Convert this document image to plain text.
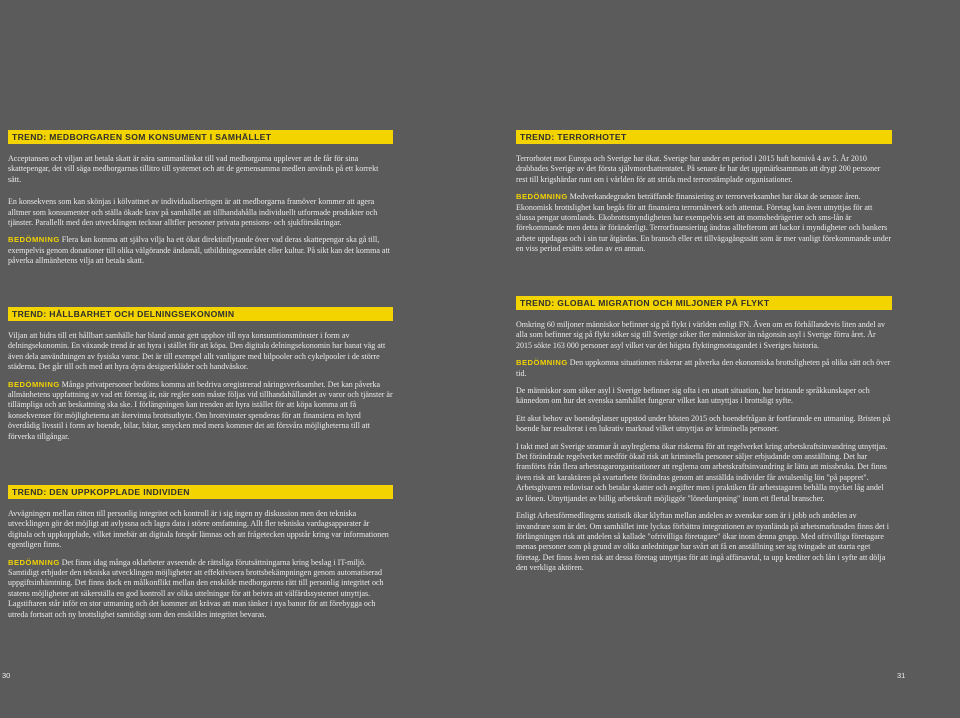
TREND: MEDBORGAREN SOM KONSUMENT I SAMHÄLLET

Acceptansen och viljan att betala skatt är nära sammanlänkat till vad medborgarna upplever att de får för sina skattepengar, det vill säga medborgarnas tillitro till systemet och att de gemensamma medlen används på ett korrekt sätt.

En konsekvens som kan skönjas i kölvattnet av individualiseringen är att medborgarna framöver kommer att agera alltmer som konsumenter och ställa ökade krav på samhället att tillhandahålla individuellt utformade produkter och tjänster. Parallellt med den utvecklingen tecknar alltfler personer privata pensions- och sjukförsäkringar.

BEDÖMNING Flera kan komma att själva vilja ha ett ökat direktinflytande över vad deras skattepengar ska gå till, exempelvis genom donationer till olika välgörande ändamål, utbildningsområdet eller kultur. På sikt kan det komma att påverka allmänhetens vilja att betala skatt.

TREND: HÅLLBARHET OCH DELNINGSEKONOMIN

Viljan att bidra till ett hållbart samhälle har bland annat gett upphov till nya konsumtionsmönster i form av delningsekonomin. En växande trend är att hyra i stället för att köpa. Den digitala delningsekonomin har banat väg att även dela användningen av fysiska varor. Det är till exempel allt vanligare med bilpooler och cykelpooler i de större städerna. Det går till och med att hyra dyra designerkläder och handväskor.

BEDÖMNING Många privatpersoner bedöms komma att bedriva oregistrerad näringsverksamhet. Det kan påverka allmänhetens uppfattning av vad ett företag är, när regler som måste följas vid tillhandahållandet av varor och tjänster är tillämpliga och att beskattning ska ske. I förlängningen kan trenden att hyra istället för att köpa komma att få konsekvenser för möjligheterna att återvinna brottsutbyte. Om brottvinster spenderas för att finansiera en hyrd överdådig livsstil i form av boende, bilar, båtar, smycken med mera kommer det att försvåra möjligheterna till att förverka tillgångar.

TREND: DEN UPPKOPPLADE INDIVIDEN

Avvägningen mellan rätten till personlig integritet och kontroll är i sig ingen ny diskussion men den tekniska utvecklingen gör det möjligt att avlyssna och lagra data i större omfattning. Allt fler tekniska vardagsapparater är digitala och uppkopplade, vilket innebär att digitala fotspår lämnas och att frågetecken uppstår kring var informationen egentligen finns.

BEDÖMNING Det finns idag många oklarheter avseende de rättsliga förutsättningarna kring beslag i IT-miljö. Samtidigt erbjuder den tekniska utvecklingen möjligheter att effektivisera brottsbekämpningen genom automatiserad uppgiftsinhämtning. Det finns dock en målkonflikt mellan den enskilde medborgarens rätt till personlig integritet och statens möjligheter att säkerställa en god kontroll av olika uttelningar för att beivra att välfärdssystemet utnyttjas. Lagstiftaren står inför en stor utmaning och det kommer att krävas att man tänker i nya banor för att förebygga och utreda fortsatt och ny brottslighet samtidigt som den enskildes integritet bevaras.

TREND: TERRORHOTET

Terrorhotet mot Europa och Sverige har ökat. Sverige har under en period i 2015 haft hotnivå 4 av 5. År 2010 drabbades Sverige av det första självmordsattentatet. På senare år har det uppmärksammats att drygt 200 personer rest till krigshärdar runt om i världen för att strida med terrorstämplade organisationer.

BEDÖMNING Medverkandegraden beträffande finansiering av terrorverksamhet har ökat de senaste åren. Ekonomisk brottslighet kan begås för att finansiera terrornätverk och attentat. Företag kan även utnyttjas för att slussa pengar utomlands. Ekobrottsmyndigheten har exempelvis sett att momsbedrägerier och sms-lån är förekommande men detta är föränderligt. Terrorfinansiering ändras alltefterom att luckor i myndigheter och bankers arbete uppdagas och i sin tur åtgärdas. En bransch eller ett tillvägagångssätt som är mer vanligt förekommande under en viss period ersätts sedan av en annan.

TREND: GLOBAL MIGRATION OCH MILJONER PÅ FLYKT

Omkring 60 miljoner människor befinner sig på flykt i världen enligt FN. Även om en förhållandevis liten andel av alla som befinner sig på flykt söker sig till Sverige söker fler människor än någonsin asyl i Sverige förra året. År 2015 sökte 163 000 personer asyl vilket var det högsta flyktingmottagandet i Sveriges historia.

BEDÖMNING Den uppkomna situationen riskerar att påverka den ekonomiska brottsligheten på olika sätt och över tid.

De människor som söker asyl i Sverige befinner sig ofta i en utsatt situation, har bristande språkkunskaper och kännedom om hur det svenska samhället fungerar vilket kan utnyttjas i brottsligt syfte.

Ett akut behov av boendeplatser uppstod under hösten 2015 och boendefrågan är fortfarande en utmaning. Bristen på boende har resulterat i en lukrativ marknad vilket utnyttjas av kriminella personer.

I takt med att Sverige stramar åt asylreglerna ökar riskerna för att regelverket kring arbetskraftsinvandring utnyttjas. Det förändrade regelverket medför ökad risk att kriminella personer säljer erbjudande om anställning. Det har framförts från flera arbetstagarorganisationer att reglerna om arbetskraftsinvandring är lätta att missbruka. Det finns även risk att karaktären på svartarbete förändras genom att anställda individer får avtalsenlig lön "på pappret". Arbetsgivaren redovisar och betalar skatter och avgifter men i praktiken får arbetstagaren behålla mycket låg andel av lönen. Utnyttjandet av billig arbetskraft möjliggör "lönedumpning" inom ett flertal branscher.

Enligt Arbetsförmedlingens statistik ökar klyftan mellan andelen av svenskar som är i jobb och andelen av invandrare som är det. Om samhället inte lyckas förbättra integrationen av nyanlända på arbetsmarknaden finns det i förlängningen risk att andelen så kallade "ofrivilliga företagare" ökar inom denna grupp. Med ofrivilliga företagare menas personer som på grund av olika anledningar har svårt att få en anställning ser sig tvingade att starta eget företag. Det finns även risk att dessa företag utnyttjas för att ingå affärsavtal, ta upp krediter och lån i syfte att dölja den verkliga aktören.

30	31
